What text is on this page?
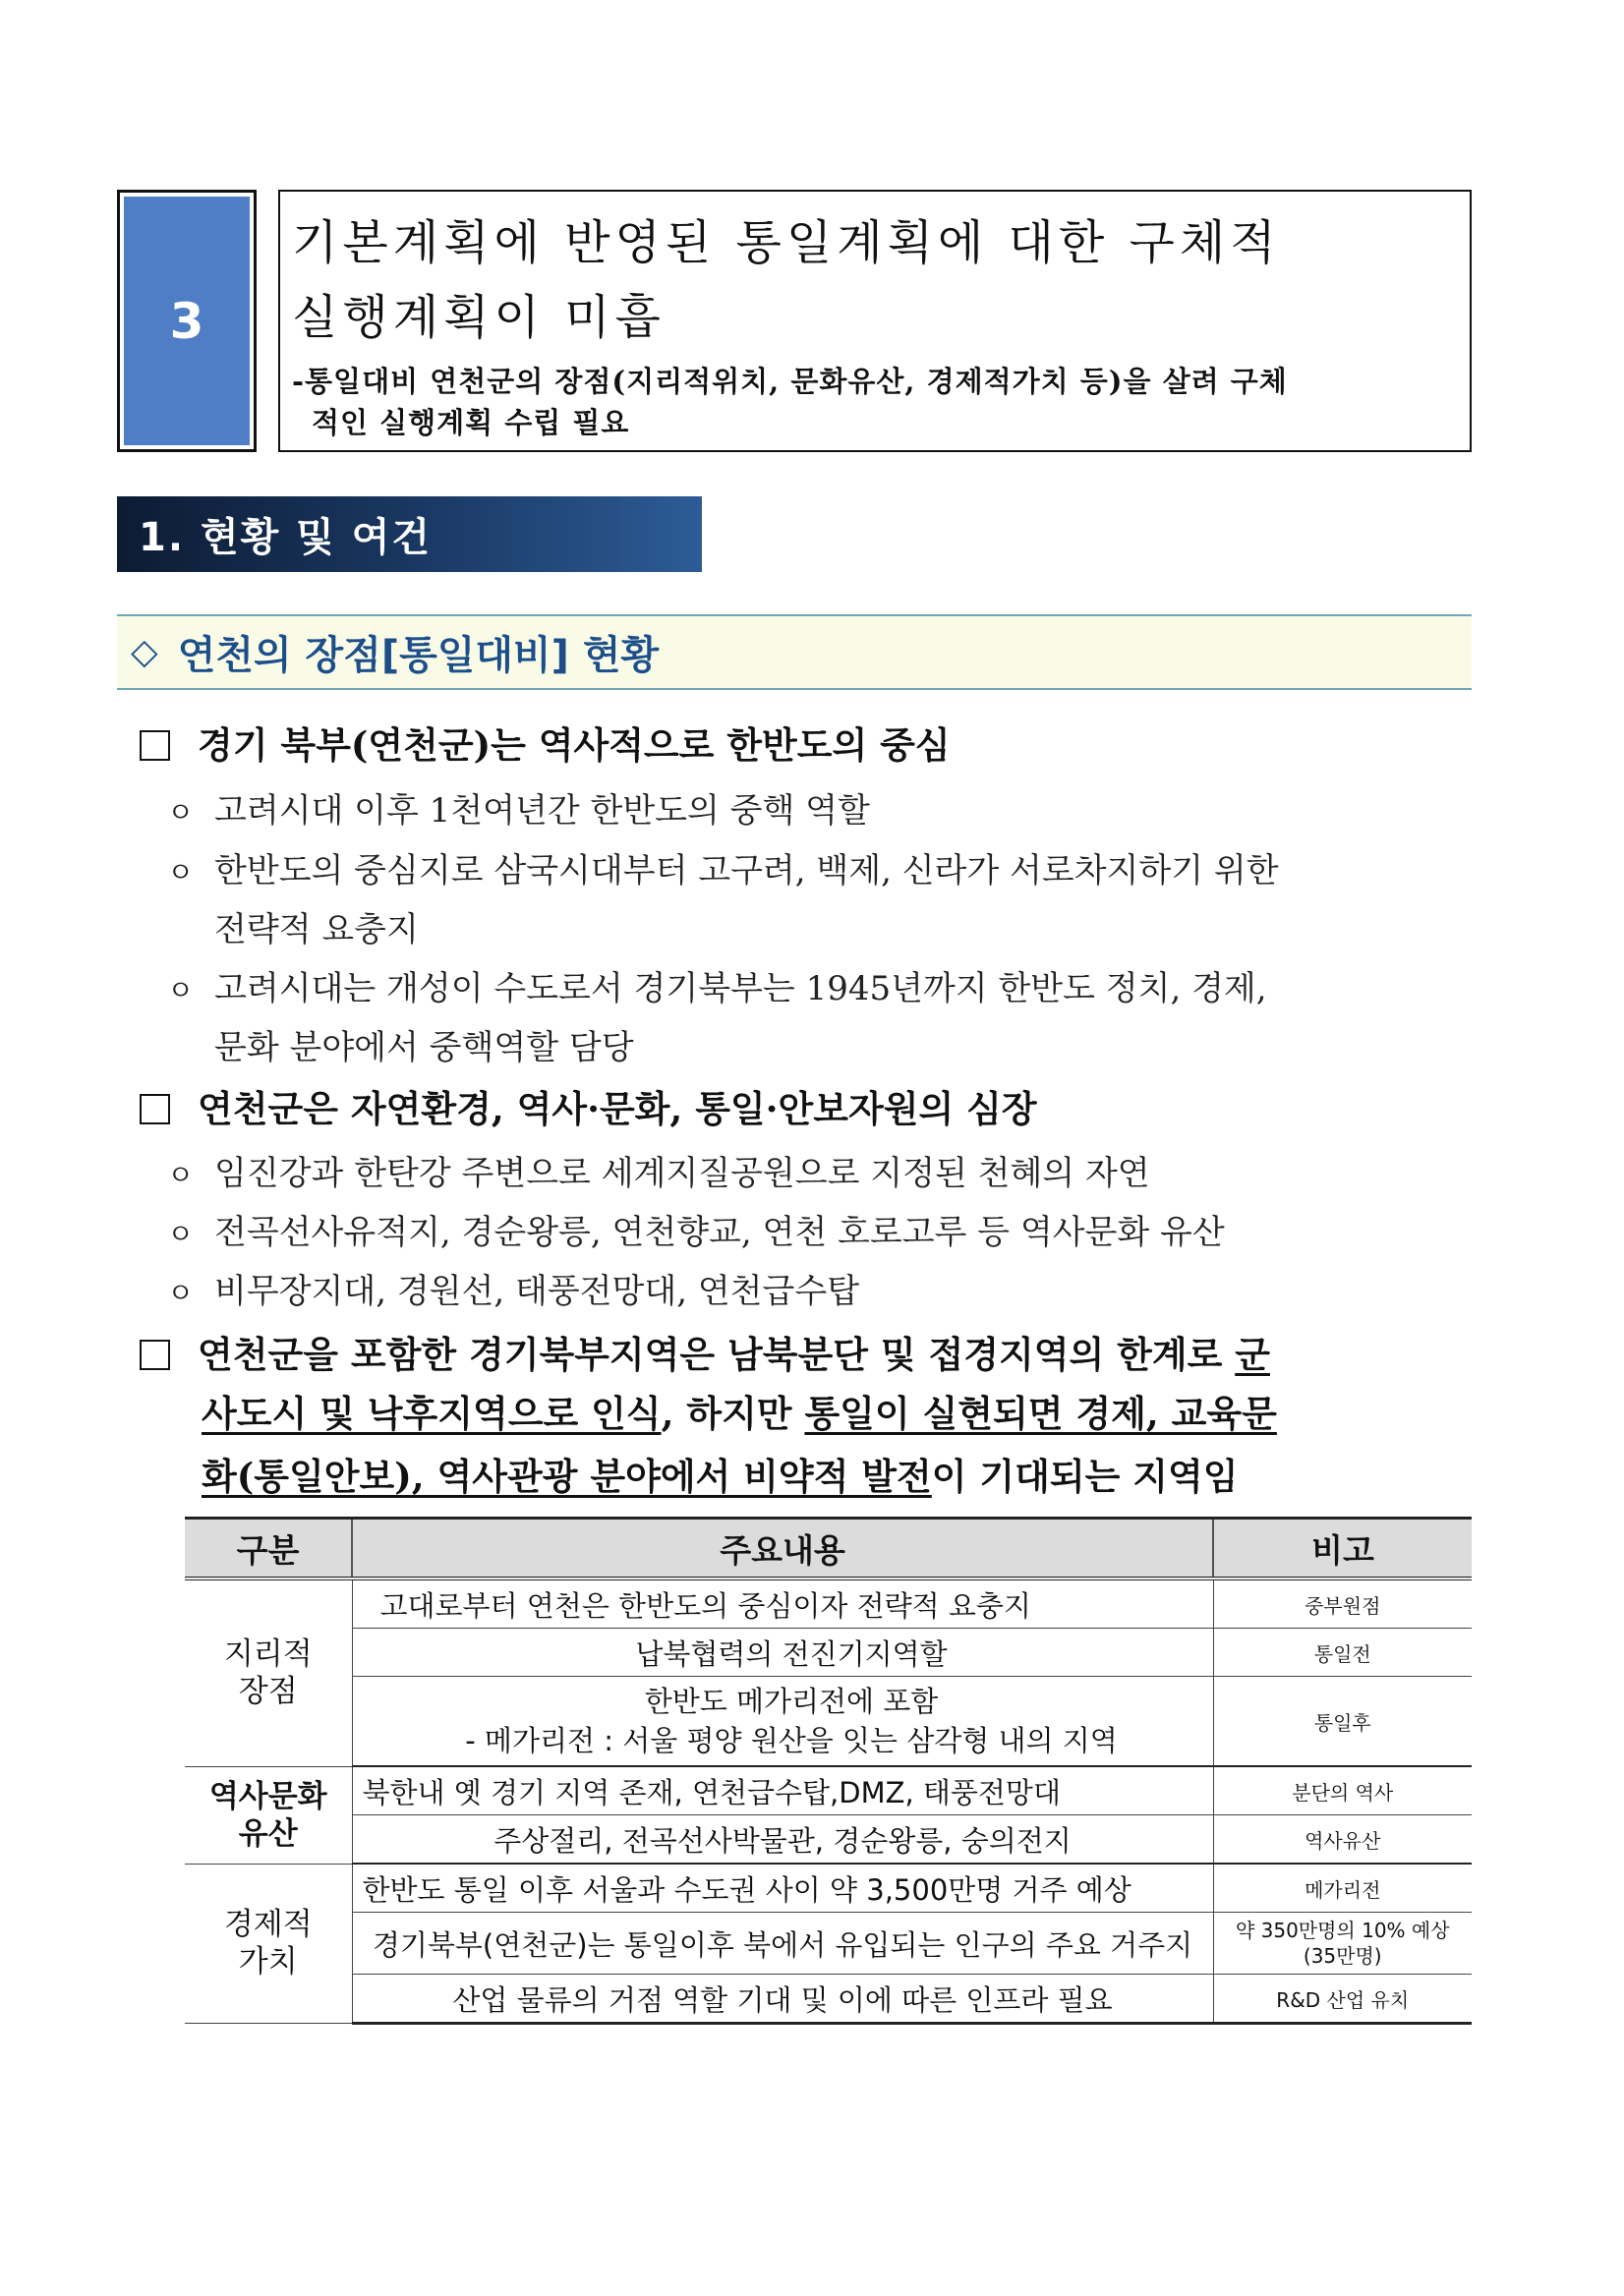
3
기본계획에 반영된 통일계획에 대한 구체적
실행계획이 미흡
-통일대비 연천군의 장점(지리적위치, 문화유산, 경제적가치 등)을 살려 구체
적인 실행계획 수립 필요
1. 현황 및 여건
◇ 연천의 장점[통일대비] 현황
경기 북부(연천군)는 역사적으로 한반도의 중심
ㅇ 고려시대 이후 1천여년간 한반도의 중핵 역할
ㅇ 한반도의 중심지로 삼국시대부터 고구려, 백제, 신라가 서로차지하기 위한
전략적 요충지
ㅇ 고려시대는 개성이 수도로서 경기북부는 1945년까지 한반도 정치, 경제,
문화 분야에서 중핵역할 담당
연천군은 자연환경, 역사·문화, 통일·안보자원의 심장
ㅇ 임진강과 한탄강 주변으로 세계지질공원으로 지정된 천혜의 자연
ㅇ 전곡선사유적지, 경순왕릉, 연천향교, 연천 호로고루 등 역사문화 유산
ㅇ 비무장지대, 경원선, 태풍전망대, 연천급수탑
연천군을 포함한 경기북부지역은 남북분단 및 접경지역의 한계로 군
사도시 및 낙후지역으로 인식, 하지만 통일이 실현되면 경제, 교육문
화(통일안보), 역사관광 분야에서 비약적 발전이 기대되는 지역임
구분	주요내용	비고
지리적
장점	고대로부터 연천은 한반도의 중심이자 전략적 요충지	중부원점
	납북협력의 전진기지역할	통일전

	한반도 메가리전에 포함
- 메가리전 : 서울 평양 원산을 잇는 삼각형 내의 지역	통일후
역사문화
유산	북한내 옛 경기 지역 존재, 연천급수탑,DMZ, 태풍전망대	분단의 역사
	주상절리, 전곡선사박물관, 경순왕릉, 숭의전지	역사유산
경제적
가치	한반도 통일 이후 서울과 수도권 사이 약 3,500만명 거주 예상	메가리전
	경기북부(연천군)는 통일이후 북에서 유입되는 인구의 주요 거주지	약 350만명의 10% 예상
(35만명)

	산업 물류의 거점 역할 기대 및 이에 따른 인프라 필요	R&D 산업 유치
